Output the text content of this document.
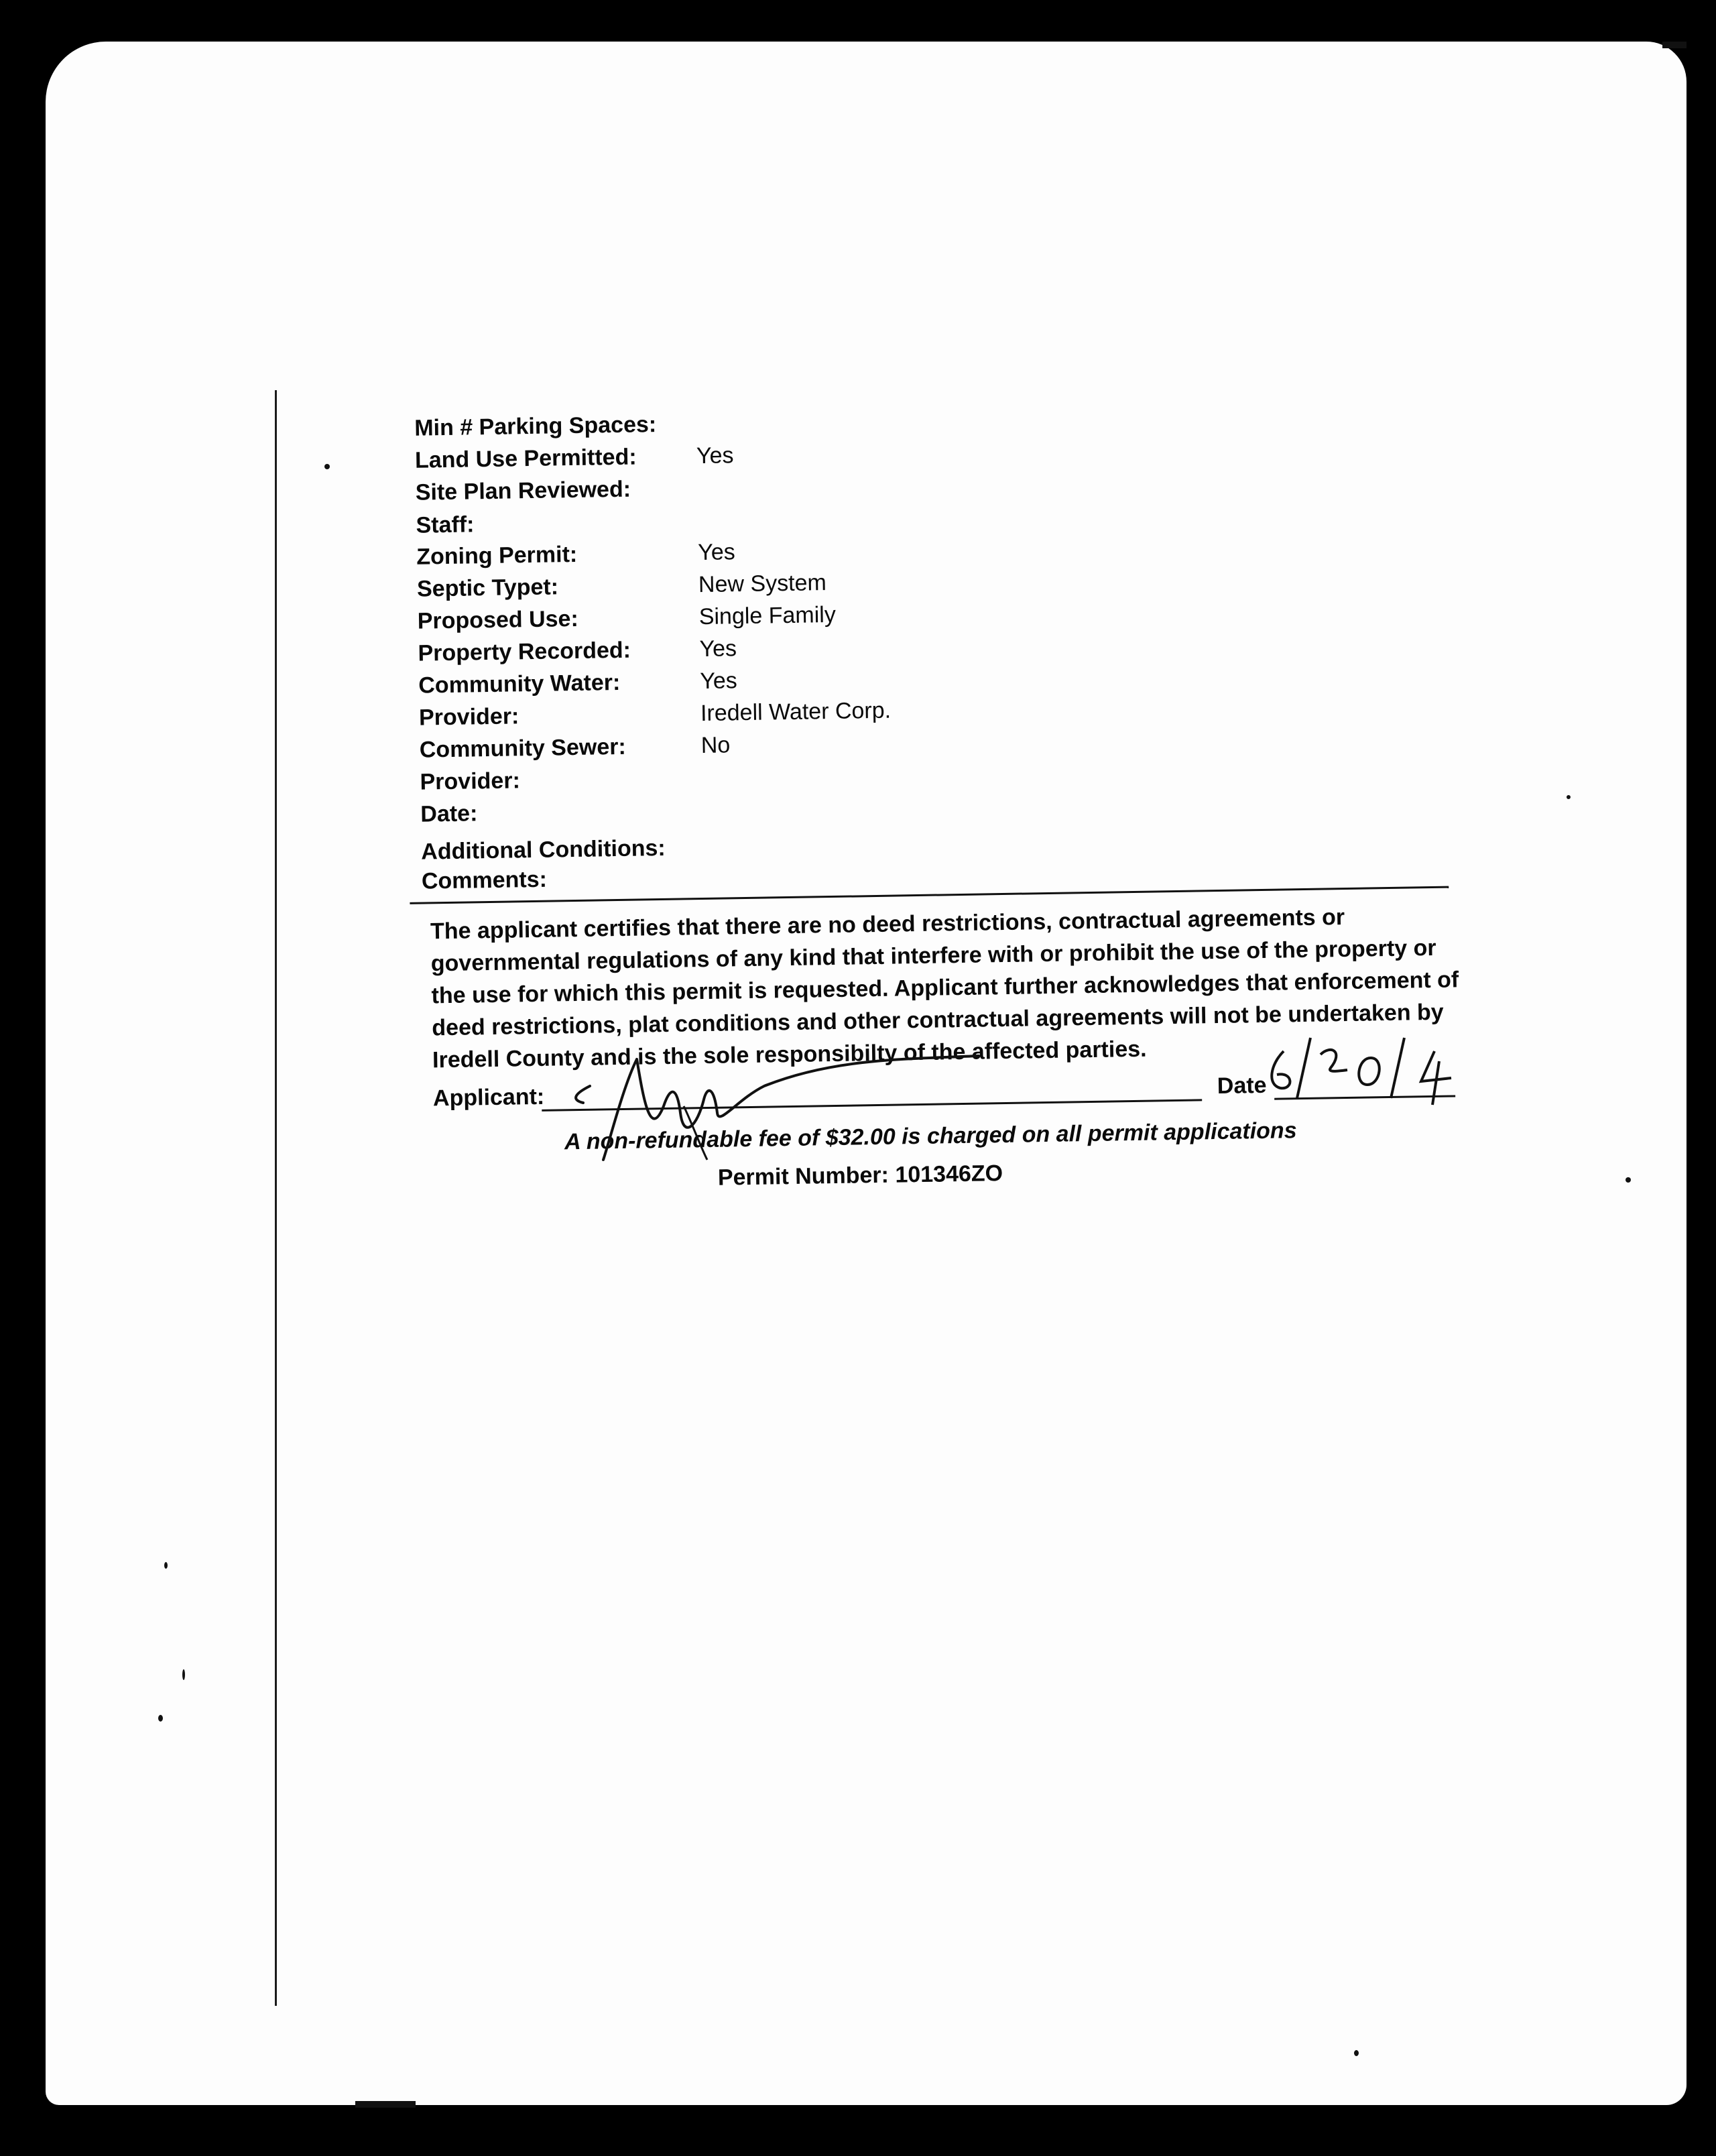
Min # Parking Spaces:
Land Use Permitted:	Yes
Site Plan Reviewed:
Staff:
Zoning Permit:	Yes
Septic Typet:	New System
Proposed Use:	Single Family
Property Recorded:	Yes
Community Water:	Yes
Provider:	Iredell Water Corp.
Community Sewer:	No
Provider:
Date:
Additional Conditions:
Comments:
The applicant certifies that there are no deed restrictions, contractual agreements or governmental regulations of any kind that interfere with or prohibit the use of the property or the use for which this permit is requested. Applicant further acknowledges that enforcement of deed restrictions, plat conditions and other contractual agreements will not be undertaken by Iredell County and is the sole responsibilty of the affected parties.
Applicant:	Date
A non-refundable fee of $32.00 is charged on all permit applications
Permit Number: 101346ZO
